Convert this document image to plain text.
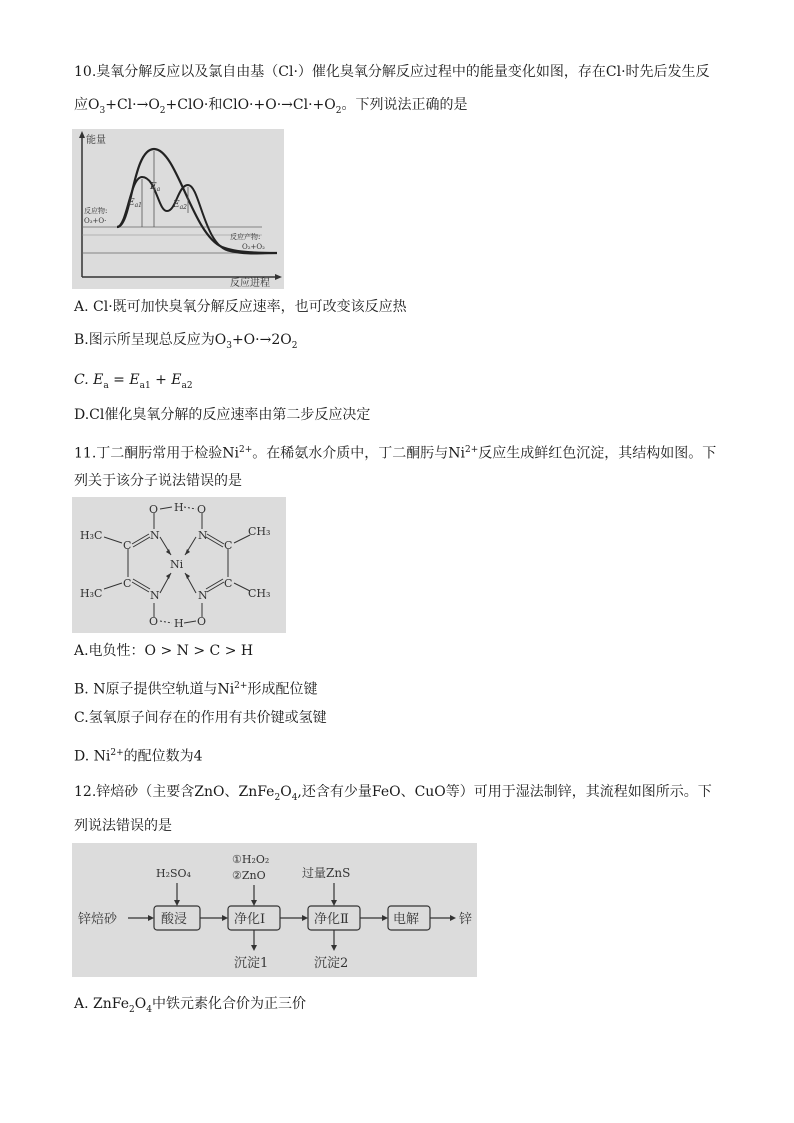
10.臭氧分解反应以及氯自由基（Cl·）催化臭氧分解反应过程中的能量变化如图，存在Cl·时先后发生反
应$O_3+Cl\cdot\to O_2+ClO\cdot$和$ClO\cdot+O\cdot\to Cl\cdot+O_2$。下列说法正确的是
能量
反应进程
$E_a$
$E_{a1}$	$E_{a2}$
反应物:
O₃+O·
反应产物:
O₂+O₂
A. Cl·既可加快臭氧分解反应速率，也可改变该反应热
B.图示所呈现总反应为$O_3+O\cdot\to 2O_2$
C. $E_a = E_{a1} + E_{a2}$
D.Cl催化臭氧分解的反应速率由第二步反应决定
11.丁二酮肟常用于检验$Ni^{2+}$。在稀氨水介质中，丁二酮肟与$Ni^{2+}$反应生成鲜红色沉淀，其结构如图。下
列关于该分子说法错误的是
O	O
O	O
H
H
N	N
N	N
C	C
C	C
Ni
H₃C
H₃C
CH₃
CH₃
A.电负性：O > N > C > H
B. N原子提供空轨道与$Ni^{2+}$形成配位键
C.氢氧原子间存在的作用有共价键或氢键
D. $Ni^{2+}$的配位数为4
12.锌焙砂（主要含ZnO、$ZnFe_2O_4$,还含有少量FeO、CuO等）可用于湿法制锌，其流程如图所示。下
列说法错误的是
锌焙砂	酸浸	净化Ⅰ	净化Ⅱ	电解	锌
H₂SO₄
①H₂O₂
②ZnO	过量ZnS
沉淀1	沉淀2
A. $ZnFe_2O_4$中铁元素化合价为正三价
